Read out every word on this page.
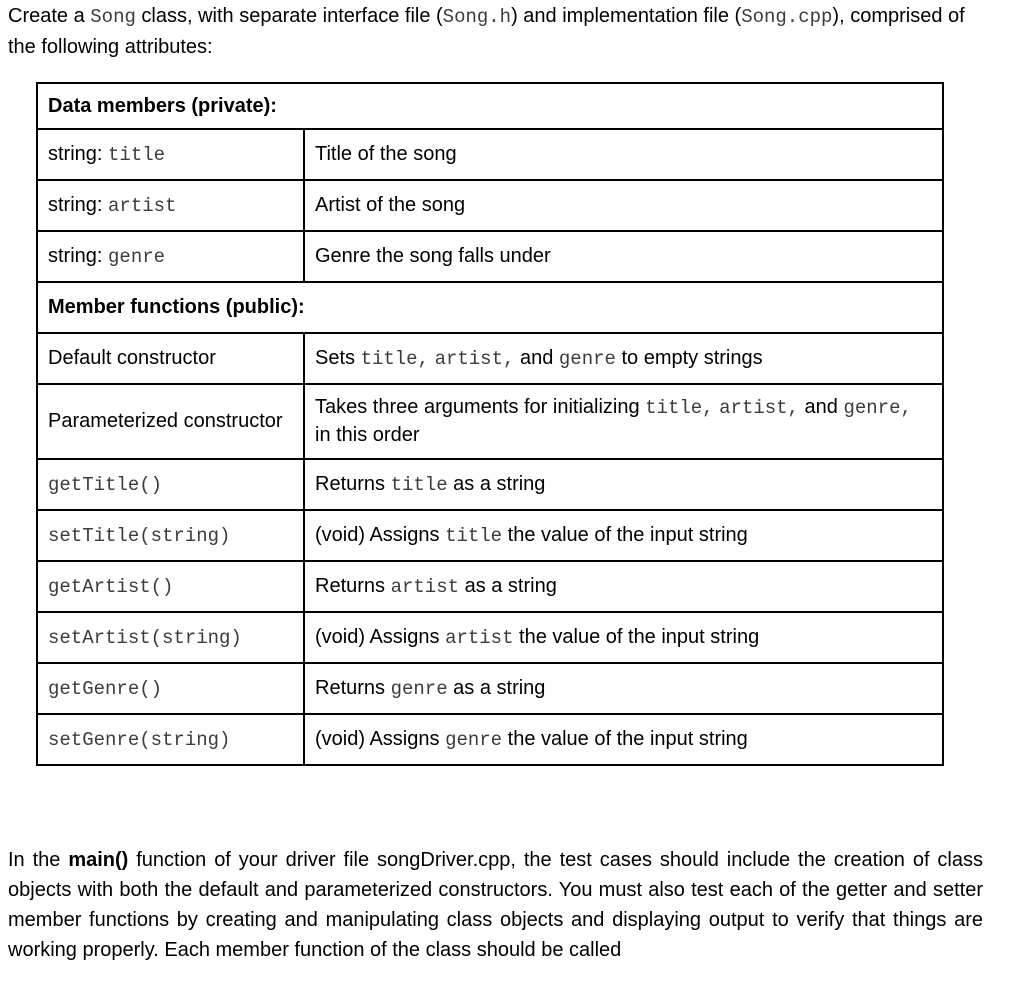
Create a Song class, with separate interface file (Song.h) and implementation file (Song.cpp), comprised of the following attributes:

Data members (private):	
string: title	Title of the song
string: artist	Artist of the song
string: genre	Genre the song falls under
Member functions (public):	
Default constructor	Sets title, artist, and genre to empty strings
Parameterized constructor	Takes three arguments for initializing title, artist, and genre, in this order
getTitle()	Returns title as a string
setTitle(string)	(void) Assigns title the value of the input string
getArtist()	Returns artist as a string
setArtist(string)	(void) Assigns artist the value of the input string
getGenre()	Returns genre as a string
setGenre(string)	(void) Assigns genre the value of the input string

In the main() function of your driver file songDriver.cpp, the test cases should include the creation of class objects with both the default and parameterized constructors. You must also test each of the getter and setter member functions by creating and manipulating class objects and displaying output to verify that things are working properly. Each member function of the class should be called
